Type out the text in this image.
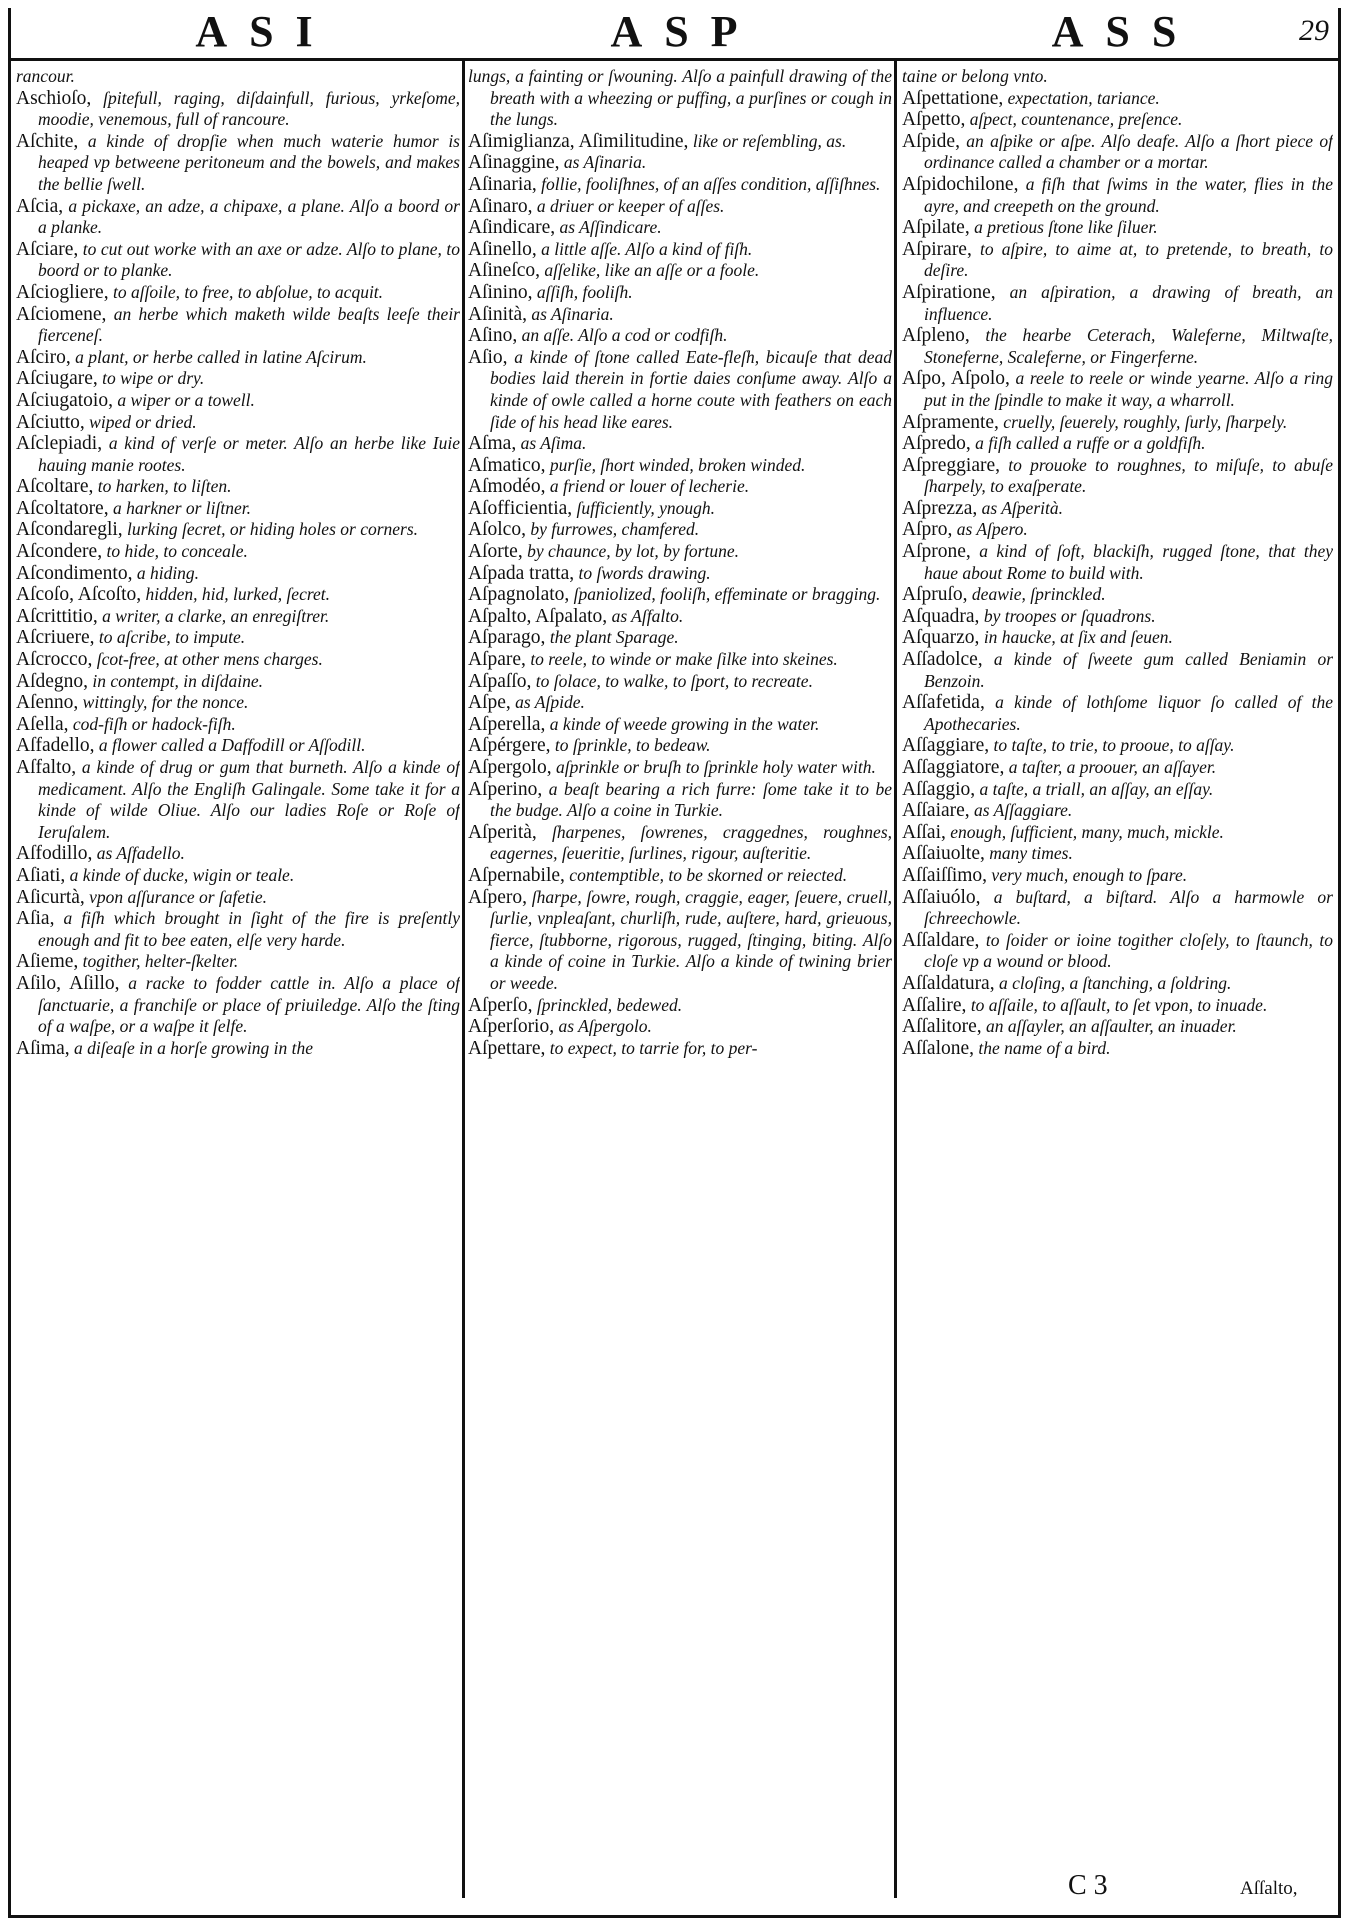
ASI	ASP	ASS	29

rancour.

Aschioſo, ſpitefull, raging, diſdainfull, furious, yrkeſome, moodie, venemous, full of rancoure.

Aſchite, a kinde of dropſie when much waterie humor is heaped vp betweene peritoneum and the bowels, and makes the bellie ſwell.

Aſcia, a pickaxe, an adze, a chipaxe, a plane. Alſo a boord or a planke.

Aſciare, to cut out worke with an axe or adze. Alſo to plane, to boord or to planke.

Aſciogliere, to aſſoile, to free, to abſolue, to acquit.

Aſciomene, an herbe which maketh wilde beaſts leeſe their fierceneſ.

Aſciro, a plant, or herbe called in latine Aſcirum.

Aſciugare, to wipe or dry.

Aſciugatoio, a wiper or a towell.

Aſciutto, wiped or dried.

Aſclepiadi, a kind of verſe or meter. Alſo an herbe like Iuie hauing manie rootes.

Aſcoltare, to harken, to liſten.

Aſcoltatore, a harkner or liſtner.

Aſcondaregli, lurking ſecret, or hiding holes or corners.

Aſcondere, to hide, to conceale.

Aſcondimento, a hiding.

Aſcoſo, Aſcoſto, hidden, hid, lurked, ſecret.

Aſcrittitio, a writer, a clarke, an enregiſtrer.

Aſcriuere, to aſcribe, to impute.

Aſcrocco, ſcot-free, at other mens charges.

Aſdegno, in contempt, in diſdaine.

Aſenno, wittingly, for the nonce.

Aſella, cod-fiſh or hadock-fiſh.

Aſfadello, a flower called a Daffodill or Aſſodill.

Aſfalto, a kinde of drug or gum that burneth. Alſo a kinde of medicament. Alſo the Engliſh Galingale. Some take it for a kinde of wilde Oliue. Alſo our ladies Roſe or Roſe of Ieruſalem.

Aſfodillo, as Aſfadello.

Aſiati, a kinde of ducke, wigin or teale.

Aſicurtà, vpon aſſurance or ſafetie.

Aſia, a fiſh which brought in ſight of the fire is preſently enough and fit to bee eaten, elſe very harde.

Aſieme, togither, helter-ſkelter.

Aſilo, Aſillo, a racke to fodder cattle in. Alſo a place of ſanctuarie, a franchiſe or place of priuiledge. Alſo the ſting of a waſpe, or a waſpe it ſelfe.

Aſima, a diſeaſe in a horſe growing in the

lungs, a fainting or ſwouning. Alſo a painfull drawing of the breath with a wheezing or puffing, a purſines or cough in the lungs.

Aſimiglianza, Aſimilitudine, like or reſembling, as.

Aſinaggine, as Aſinaria.

Aſinaria, follie, fooliſhnes, of an aſſes condition, aſſiſhnes.

Aſinaro, a driuer or keeper of aſſes.

Aſindicare, as Aſſindicare.

Aſinello, a little aſſe. Alſo a kind of fiſh.

Aſineſco, aſſelike, like an aſſe or a foole.

Aſinino, aſſiſh, fooliſh.

Aſinità, as Aſinaria.

Aſino, an aſſe. Alſo a cod or codfiſh.

Aſio, a kinde of ſtone called Eate-fleſh, bicauſe that dead bodies laid therein in fortie daies conſume away. Alſo a kinde of owle called a horne coute with feathers on each ſide of his head like eares.

Aſma, as Aſima.

Aſmatico, purſie, ſhort winded, broken winded.

Aſmodéo, a friend or louer of lecherie.

Aſofficientia, ſufficiently, ynough.

Aſolco, by furrowes, chamfered.

Aſorte, by chaunce, by lot, by fortune.

Aſpada tratta, to ſwords drawing.

Aſpagnolato, ſpaniolized, fooliſh, effeminate or bragging.

Aſpalto, Aſpalato, as Aſfalto.

Aſparago, the plant Sparage.

Aſpare, to reele, to winde or make ſilke into skeines.

Aſpaſſo, to ſolace, to walke, to ſport, to recreate.

Aſpe, as Aſpide.

Aſperella, a kinde of weede growing in the water.

Aſpérgere, to ſprinkle, to bedeaw.

Aſpergolo, aſprinkle or bruſh to ſprinkle holy water with.

Aſperino, a beaſt bearing a rich furre: ſome take it to be the budge. Alſo a coine in Turkie.

Aſperità, ſharpenes, ſowrenes, craggednes, roughnes, eagernes, ſeueritie, ſurlines, rigour, auſteritie.

Aſpernabile, contemptible, to be skorned or reiected.

Aſpero, ſharpe, ſowre, rough, craggie, eager, ſeuere, cruell, ſurlie, vnpleaſant, churliſh, rude, auſtere, hard, grieuous, fierce, ſtubborne, rigorous, rugged, ſtinging, biting. Alſo a kinde of coine in Turkie. Alſo a kinde of twining brier or weede.

Aſperſo, ſprinckled, bedewed.

Aſperſorio, as Aſpergolo.

Aſpettare, to expect, to tarrie for, to per-

taine or belong vnto.

Aſpettatione, expectation, tariance.

Aſpetto, aſpect, countenance, preſence.

Aſpide, an aſpike or aſpe. Alſo deafe. Alſo a ſhort piece of ordinance called a chamber or a mortar.

Aſpidochilone, a fiſh that ſwims in the water, flies in the ayre, and creepeth on the ground.

Aſpilate, a pretious ſtone like ſiluer.

Aſpirare, to aſpire, to aime at, to pretende, to breath, to deſire.

Aſpiratione, an aſpiration, a drawing of breath, an influence.

Aſpleno, the hearbe Ceterach, Waleferne, Miltwaſte, Stoneferne, Scaleferne, or Fingerferne.

Aſpo, Aſpolo, a reele to reele or winde yearne. Alſo a ring put in the ſpindle to make it way, a wharroll.

Aſpramente, cruelly, ſeuerely, roughly, ſurly, ſharpely.

Aſpredo, a fiſh called a ruffe or a goldfiſh.

Aſpreggiare, to prouoke to roughnes, to miſuſe, to abuſe ſharpely, to exaſperate.

Aſprezza, as Aſperità.

Aſpro, as Aſpero.

Aſprone, a kind of ſoft, blackiſh, rugged ſtone, that they haue about Rome to build with.

Aſpruſo, deawie, ſprinckled.

Aſquadra, by troopes or ſquadrons.

Aſquarzo, in haucke, at ſix and ſeuen.

Aſſadolce, a kinde of ſweete gum called Beniamin or Benzoin.

Aſſafetida, a kinde of lothſome liquor ſo called of the Apothecaries.

Aſſaggiare, to taſte, to trie, to prooue, to aſſay.

Aſſaggiatore, a taſter, a proouer, an aſſayer.

Aſſaggio, a taſte, a triall, an aſſay, an eſſay.

Aſſaiare, as Aſſaggiare.

Aſſai, enough, ſufficient, many, much, mickle.

Aſſaiuolte, many times.

Aſſaiſſimo, very much, enough to ſpare.

Aſſaiuólo, a buſtard, a biſtard. Alſo a harmowle or ſchreechowle.

Aſſaldare, to ſoider or ioine togither cloſely, to ſtaunch, to cloſe vp a wound or blood.

Aſſaldatura, a cloſing, a ſtanching, a ſoldring.

Aſſalire, to aſſaile, to aſſault, to ſet vpon, to inuade.

Aſſalitore, an aſſayler, an aſſaulter, an inuader.

Aſſalone, the name of a bird.

C 3	Aſſalto,
